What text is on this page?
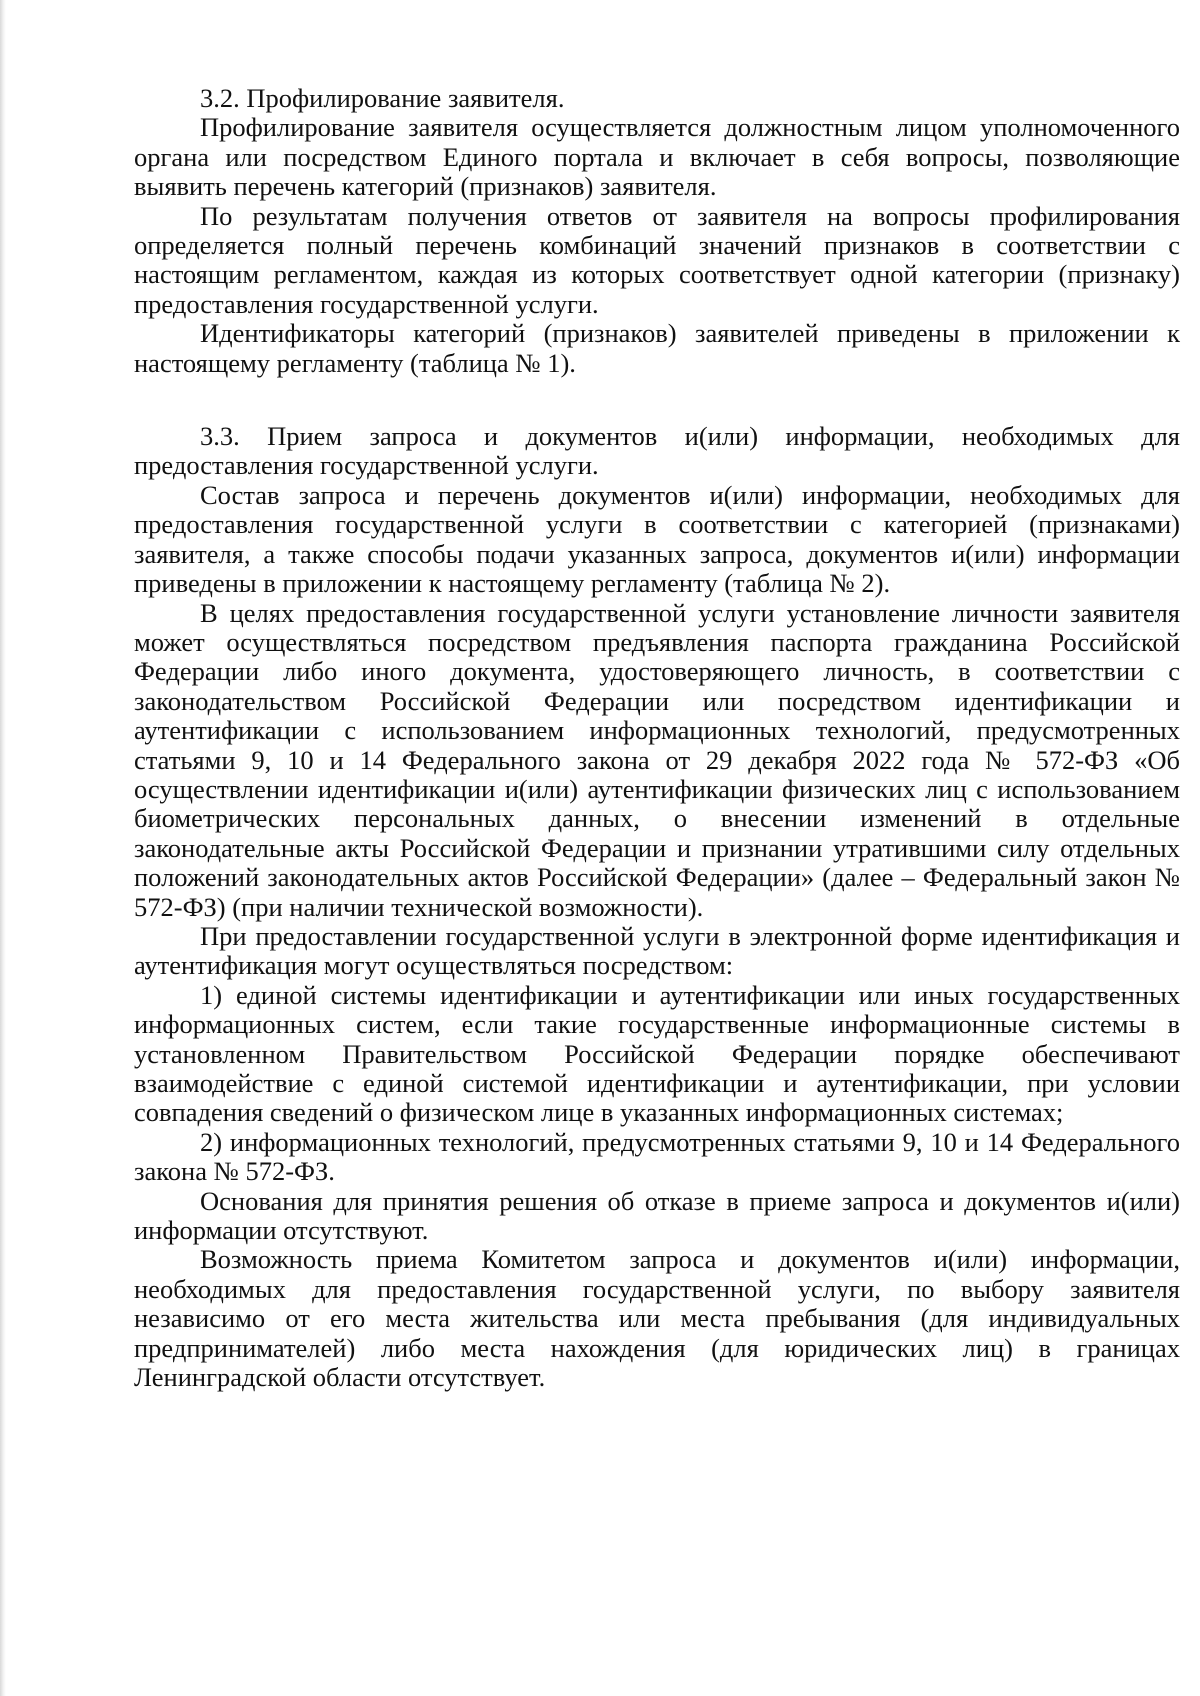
3.2. Профилирование заявителя.

Профилирование заявителя осуществляется должностным лицом уполномоченного органа или посредством Единого портала и включает в себя вопросы, позволяющие выявить перечень категорий (признаков) заявителя.

По результатам получения ответов от заявителя на вопросы профилирования определяется полный перечень комбинаций значений признаков в соответствии с настоящим регламентом, каждая из которых соответствует одной категории (признаку) предоставления государственной услуги.

Идентификаторы категорий (признаков) заявителей приведены в приложении к настоящему регламенту (таблица № 1).

3.3. Прием запроса и документов и(или) информации, необходимых для предоставления государственной услуги.

Состав запроса и перечень документов и(или) информации, необходимых для предоставления государственной услуги в соответствии с категорией (признаками) заявителя, а также способы подачи указанных запроса, документов и(или) информации приведены в приложении к настоящему регламенту (таблица № 2).

В целях предоставления государственной услуги установление личности заявителя может осуществляться посредством предъявления паспорта гражданина Российской Федерации либо иного документа, удостоверяющего личность, в соответствии с законодательством Российской Федерации или посредством идентификации и аутентификации с использованием информационных технологий, предусмотренных статьями 9, 10 и 14 Федерального закона от 29 декабря 2022 года № 572-ФЗ «Об осуществлении идентификации и(или) аутентификации физических лиц с использованием биометрических персональных данных, о внесении изменений в отдельные законодательные акты Российской Федерации и признании утратившими силу отдельных положений законодательных актов Российской Федерации» (далее – Федеральный закон № 572-ФЗ) (при наличии технической возможности).

При предоставлении государственной услуги в электронной форме идентификация и аутентификация могут осуществляться посредством:

1) единой системы идентификации и аутентификации или иных государственных информационных систем, если такие государственные информационные системы в установленном Правительством Российской Федерации порядке обеспечивают взаимодействие с единой системой идентификации и аутентификации, при условии совпадения сведений о физическом лице в указанных информационных системах;

2) информационных технологий, предусмотренных статьями 9, 10 и 14 Федерального закона № 572-ФЗ.

Основания для принятия решения об отказе в приеме запроса и документов и(или) информации отсутствуют.

Возможность приема Комитетом запроса и документов и(или) информации, необходимых для предоставления государственной услуги, по выбору заявителя независимо от его места жительства или места пребывания (для индивидуальных предпринимателей) либо места нахождения (для юридических лиц) в границах Ленинградской области отсутствует.
